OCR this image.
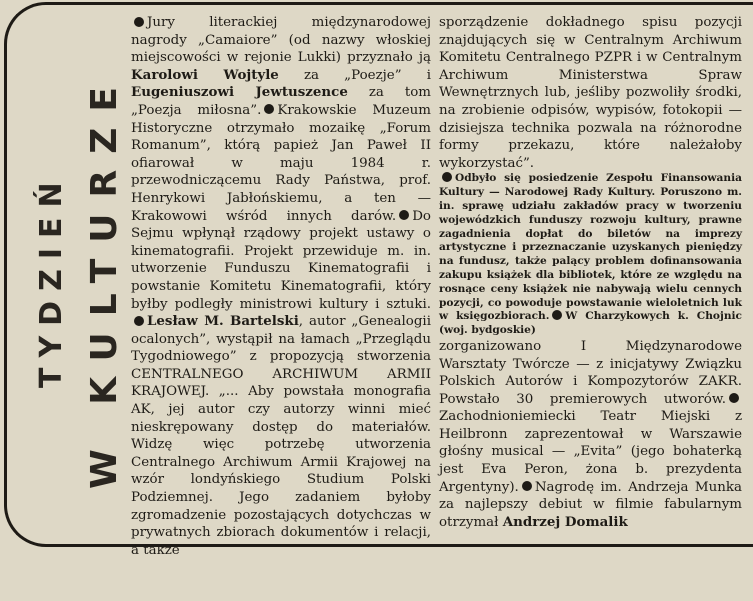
TYDZIEŃ W KULTURZE

Jury literackiej międzynarodowej nagrody „Camaiore” (od nazwy włoskiej miejscowości w rejonie Lukki) przyznało ją Karolowi Wojtyle za „Poezje” i Eugeniuszowi Jewtuszence za tom „Poezja miłosna”. Krakowskie Muzeum Historyczne otrzymało mozaikę „Forum Romanum”, którą papież Jan Paweł II ofiarował w maju 1984 r. przewodniczącemu Rady Państwa, prof. Henrykowi Jabłońskiemu, a ten — Krakowowi wśród innych darów. Do Sejmu wpłynął rządowy projekt ustawy o kinematografii. Projekt przewiduje m. in. utworzenie Funduszu Kinematografii i powstanie Komitetu Kinematografii, który byłby podległy ministrowi kultury i sztuki.Lesław M. Bartelski, autor „Genealogii ocalonych”, wystąpił na łamach „Przeglądu Tygodniowego” z propozycją stworzenia CENTRALNEGO ARCHIWUM ARMII KRAJOWEJ. „... Aby powstała monografia AK, jej autor czy autorzy winni mieć nieskrępowany dostęp do materiałów. Widzę więc potrzebę utworzenia Centralnego Archiwum Armii Krajowej na wzór londyńskiego Studium Polski Podziemnej. Jego zadaniem byłoby zgromadzenie pozostających dotychczas w prywatnych zbiorach dokumentów i relacji, a także

sporządzenie dokładnego spisu pozycji znajdujących się w Centralnym Archiwum Komitetu Centralnego PZPR i w Centralnym Archiwum Ministerstwa Spraw Wewnętrznych lub, jeśliby pozwoliły środki, na zrobienie odpisów, wypisów, fotokopii — dzisiejsza technika pozwala na różnorodne formy przekazu, które należałoby wykorzystać”.

Odbyło się posiedzenie Zespołu Finansowania Kultury — Narodowej Rady Kultury. Poruszono m. in. sprawę udziału zakładów pracy w tworzeniu wojewódzkich funduszy rozwoju kultury, prawne zagadnienia dopłat do biletów na imprezy artystyczne i przeznaczanie uzyskanych pieniędzy na fundusz, także palący problem dofinansowania zakupu książek dla bibliotek, które ze względu na rosnące ceny książek nie nabywają wielu cennych pozycji, co powoduje powstawanie wieloletnich luk w księgozbiorach. W Charzykowych k. Chojnic (woj. bydgoskie)

zorganizowano I Międzynarodowe Warsztaty Twórcze — z inicjatywy Związku Polskich Autorów i Kompozytorów ZAKR. Powstało 30 premierowych utworów.Zachodnioniemiecki Teatr Miejski z Heilbronn zaprezentował w Warszawie głośny musical — „Evita” (jego bohaterką jest Eva Peron, żona b. prezydenta Argentyny). Nagrodę im. Andrzeja Munka za najlepszy debiut w filmie fabularnym otrzymał Andrzej Domalik
